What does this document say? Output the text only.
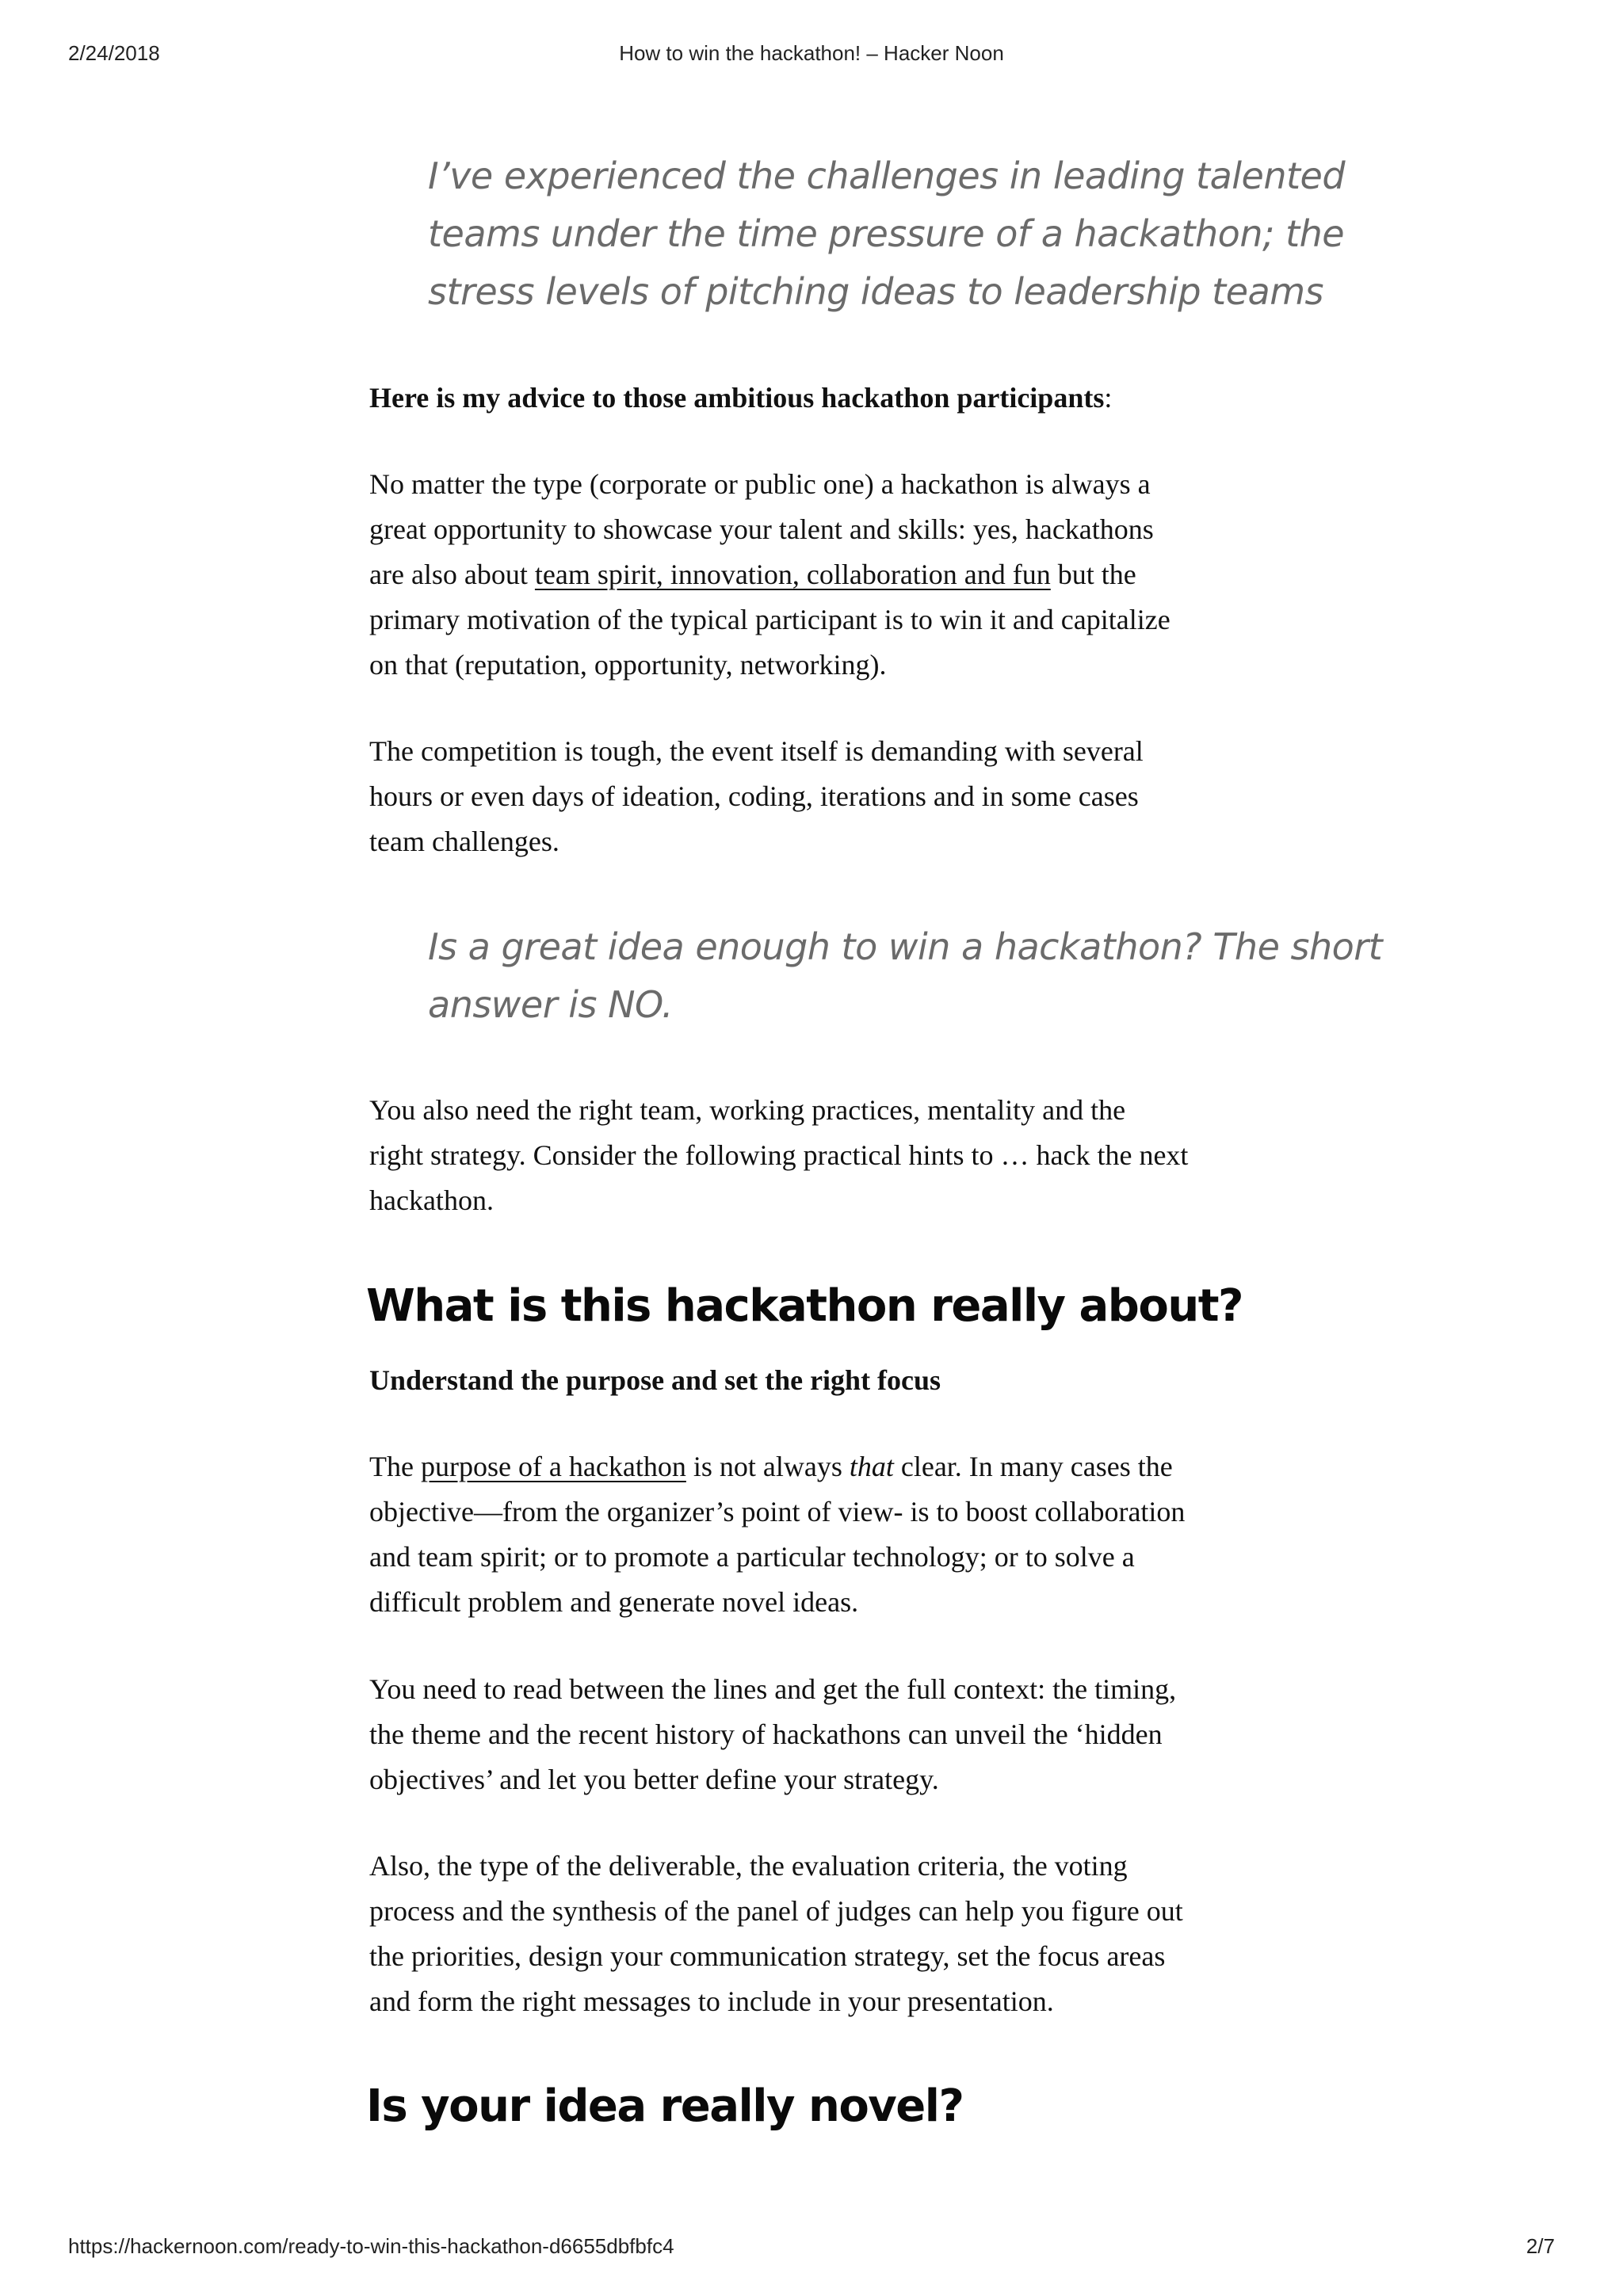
2/24/2018	How to win the hackathon! – Hacker Noon
I’ve experienced the challenges in leading talented
teams under the time pressure of a hackathon; the
stress levels of pitching ideas to leadership teams
Here is my advice to those ambitious hackathon participants:
No matter the type (corporate or public one) a hackathon is always a
great opportunity to showcase your talent and skills: yes, hackathons
are also about team spirit, innovation, collaboration and fun but the
primary motivation of the typical participant is to win it and capitalize
on that (reputation, opportunity, networking).
The competition is tough, the event itself is demanding with several
hours or even days of ideation, coding, iterations and in some cases
team challenges.
Is a great idea enough to win a hackathon? The short
answer is NO.
You also need the right team, working practices, mentality and the
right strategy. Consider the following practical hints to … hack the next
hackathon.
What is this hackathon really about?
Understand the purpose and set the right focus
The purpose of a hackathon is not always that clear. In many cases the
objective—from the organizer’s point of view- is to boost collaboration
and team spirit; or to promote a particular technology; or to solve a
difficult problem and generate novel ideas.
You need to read between the lines and get the full context: the timing,
the theme and the recent history of hackathons can unveil the ‘hidden
objectives’ and let you better define your strategy.
Also, the type of the deliverable, the evaluation criteria, the voting
process and the synthesis of the panel of judges can help you figure out
the priorities, design your communication strategy, set the focus areas
and form the right messages to include in your presentation.
Is your idea really novel?
https://hackernoon.com/ready-to-win-this-hackathon-d6655dbfbfc4	2/7
